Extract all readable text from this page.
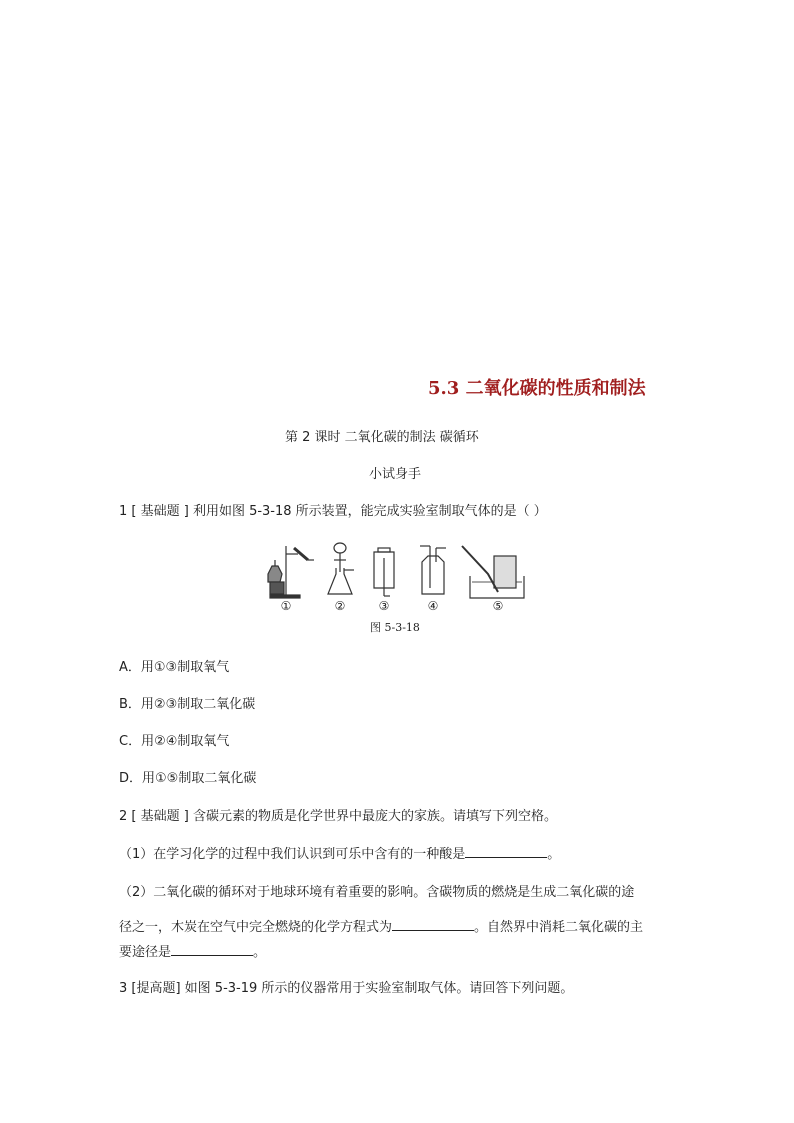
5.3 二氧化碳的性质和制法
第 2 课时 二氧化碳的制法 碳循环
小试身手
1 [ 基础题 ] 利用如图 5-3-18 所示装置，能完成实验室制取气体的是（ ）
①	②	③	④	⑤
图 5-3-18
A．用①③制取氧气
B．用②③制取二氧化碳
C．用②④制取氧气
D．用①⑤制取二氧化碳
2 [ 基础题 ] 含碳元素的物质是化学世界中最庞大的家族。请填写下列空格。
（1）在学习化学的过程中我们认识到可乐中含有的一种酸是	。
（2）二氧化碳的循环对于地球环境有着重要的影响。含碳物质的燃烧是生成二氧化碳的途
径之一，木炭在空气中完全燃烧的化学方程式为	。自然界中消耗二氧化碳的主
要途径是	。
3 [提高题] 如图 5-3-19 所示的仪器常用于实验室制取气体。请回答下列问题。
